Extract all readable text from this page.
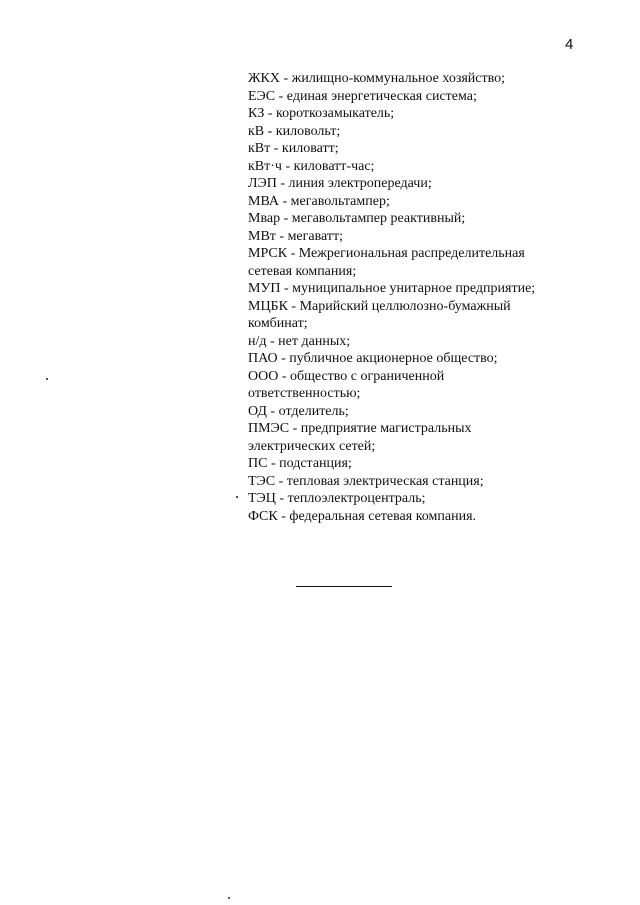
4
ЖКХ - жилищно-коммунальное хозяйство;
ЕЭС - единая энергетическая система;
КЗ - короткозамыкатель;
кВ - киловольт;
кВт - киловатт;
кВт·ч - киловатт-час;
ЛЭП - линия электропередачи;
МВА - мегавольтампер;
Мвар - мегавольтампер реактивный;
МВт - мегаватт;
МРСК - Межрегиональная распределительная
сетевая компания;
МУП - муниципальное унитарное предприятие;
МЦБК - Марийский целлюлозно-бумажный
комбинат;
н/д - нет данных;
ПАО - публичное акционерное общество;
ООО - общество с ограниченной
ответственностью;
ОД - отделитель;
ПМЭС - предприятие магистральных
электрических сетей;
ПС - подстанция;
ТЭС - тепловая электрическая станция;
ТЭЦ - теплоэлектроцентраль;
ФСК - федеральная сетевая компания.
